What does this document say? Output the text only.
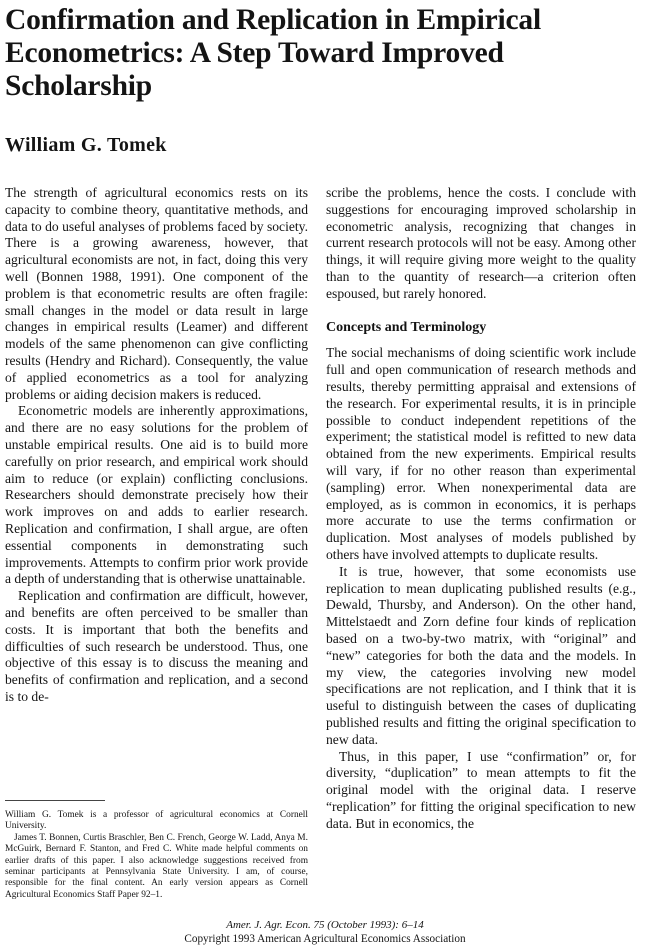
Confirmation and Replication in Empirical Econometrics: A Step Toward Improved Scholarship
William G. Tomek

The strength of agricultural economics rests on its capacity to combine theory, quantitative methods, and data to do useful analyses of problems faced by society. There is a growing awareness, however, that agricultural economists are not, in fact, doing this very well (Bonnen 1988, 1991). One component of the problem is that econometric results are often fragile: small changes in the model or data result in large changes in empirical results (Leamer) and different models of the same phenomenon can give conflicting results (Hendry and Richard). Consequently, the value of applied econometrics as a tool for analyzing problems or aiding decision makers is reduced.

Econometric models are inherently approximations, and there are no easy solutions for the problem of unstable empirical results. One aid is to build more carefully on prior research, and empirical work should aim to reduce (or explain) conflicting conclusions. Researchers should demonstrate precisely how their work improves on and adds to earlier research. Replication and confirmation, I shall argue, are often essential components in demonstrating such improvements. Attempts to confirm prior work provide a depth of understanding that is otherwise unattainable.

Replication and confirmation are difficult, however, and benefits are often perceived to be smaller than costs. It is important that both the benefits and difficulties of such research be understood. Thus, one objective of this essay is to discuss the meaning and benefits of confirmation and replication, and a second is to de-

scribe the problems, hence the costs. I conclude with suggestions for encouraging improved scholarship in econometric analysis, recognizing that changes in current research protocols will not be easy. Among other things, it will require giving more weight to the quality than to the quantity of research—a criterion often espoused, but rarely honored.

Concepts and Terminology

The social mechanisms of doing scientific work include full and open communication of research methods and results, thereby permitting appraisal and extensions of the research. For experimental results, it is in principle possible to conduct independent repetitions of the experiment; the statistical model is refitted to new data obtained from the new experiments. Empirical results will vary, if for no other reason than experimental (sampling) error. When nonexperimental data are employed, as is common in economics, it is perhaps more accurate to use the terms confirmation or duplication. Most analyses of models published by others have involved attempts to duplicate results.

It is true, however, that some economists use replication to mean duplicating published results (e.g., Dewald, Thursby, and Anderson). On the other hand, Mittelstaedt and Zorn define four kinds of replication based on a two-by-two matrix, with “original” and “new” categories for both the data and the models. In my view, the categories involving new model specifications are not replication, and I think that it is useful to distinguish between the cases of duplicating published results and fitting the original specification to new data.

Thus, in this paper, I use “confirmation” or, for diversity, “duplication” to mean attempts to fit the original model with the original data. I reserve “replication” for fitting the original specification to new data. But in economics, the

William G. Tomek is a professor of agricultural economics at Cornell University.

James T. Bonnen, Curtis Braschler, Ben C. French, George W. Ladd, Anya M. McGuirk, Bernard F. Stanton, and Fred C. White made helpful comments on earlier drafts of this paper. I also acknowledge suggestions received from seminar participants at Pennsylvania State University. I am, of course, responsible for the final content. An early version appears as Cornell Agricultural Economics Staff Paper 92–1.

Amer. J. Agr. Econ. 75 (October 1993): 6–14
Copyright 1993 American Agricultural Economics Association
